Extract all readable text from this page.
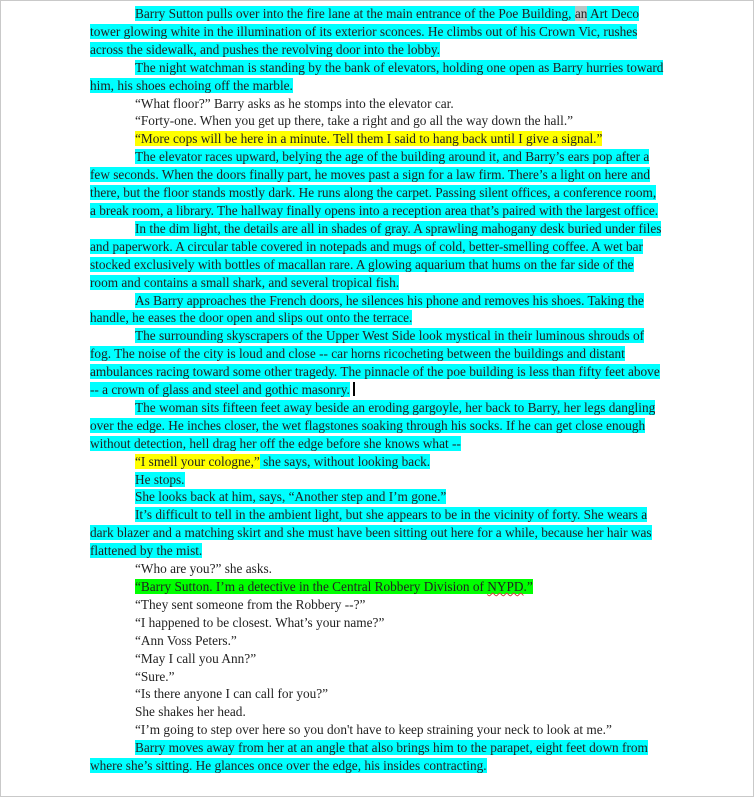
Barry Sutton pulls over into the fire lane at the main entrance of the Poe Building, an Art Deco tower glowing white in the illumination of its exterior sconces. He climbs out of his Crown Vic, rushes across the sidewalk, and pushes the revolving door into the lobby.

The night watchman is standing by the bank of elevators, holding one open as Barry hurries toward him, his shoes echoing off the marble.

“What floor?” Barry asks as he stomps into the elevator car.

“Forty-one. When you get up there, take a right and go all the way down the hall.”

“More cops will be here in a minute. Tell them I said to hang back until I give a signal.”

The elevator races upward, belying the age of the building around it, and Barry’s ears pop after a few seconds. When the doors finally part, he moves past a sign for a law firm. There’s a light on here and there, but the floor stands mostly dark. He runs along the carpet. Passing silent offices, a conference room, a break room, a library. The hallway finally opens into a reception area that’s paired with the largest office.

In the dim light, the details are all in shades of gray. A sprawling mahogany desk buried under files and paperwork. A circular table covered in notepads and mugs of cold, better-smelling coffee. A wet bar stocked exclusively with bottles of macallan rare. A glowing aquarium that hums on the far side of the room and contains a small shark, and several tropical fish.

As Barry approaches the French doors, he silences his phone and removes his shoes. Taking the handle, he eases the door open and slips out onto the terrace.

The surrounding skyscrapers of the Upper West Side look mystical in their luminous shrouds of fog. The noise of the city is loud and close -- car horns ricocheting between the buildings and distant ambulances racing toward some other tragedy. The pinnacle of the poe building is less than fifty feet above -- a crown of glass and steel and gothic masonry.

The woman sits fifteen feet away beside an eroding gargoyle, her back to Barry, her legs dangling over the edge. He inches closer, the wet flagstones soaking through his socks. If he can get close enough without detection, hell drag her off the edge before she knows what --

“I smell your cologne,” she says, without looking back.

He stops.

She looks back at him, says, “Another step and I’m gone.”

It’s difficult to tell in the ambient light, but she appears to be in the vicinity of forty. She wears a dark blazer and a matching skirt and she must have been sitting out here for a while, because her hair was flattened by the mist.

“Who are you?” she asks.

“Barry Sutton. I’m a detective in the Central Robbery Division of NYPD.”

“They sent someone from the Robbery --?”

“I happened to be closest. What’s your name?”

“Ann Voss Peters.”

“May I call you Ann?”

“Sure.”

“Is there anyone I can call for you?”

She shakes her head.

“I’m going to step over here so you don't have to keep straining your neck to look at me.”

Barry moves away from her at an angle that also brings him to the parapet, eight feet down from where she’s sitting. He glances once over the edge, his insides contracting.
